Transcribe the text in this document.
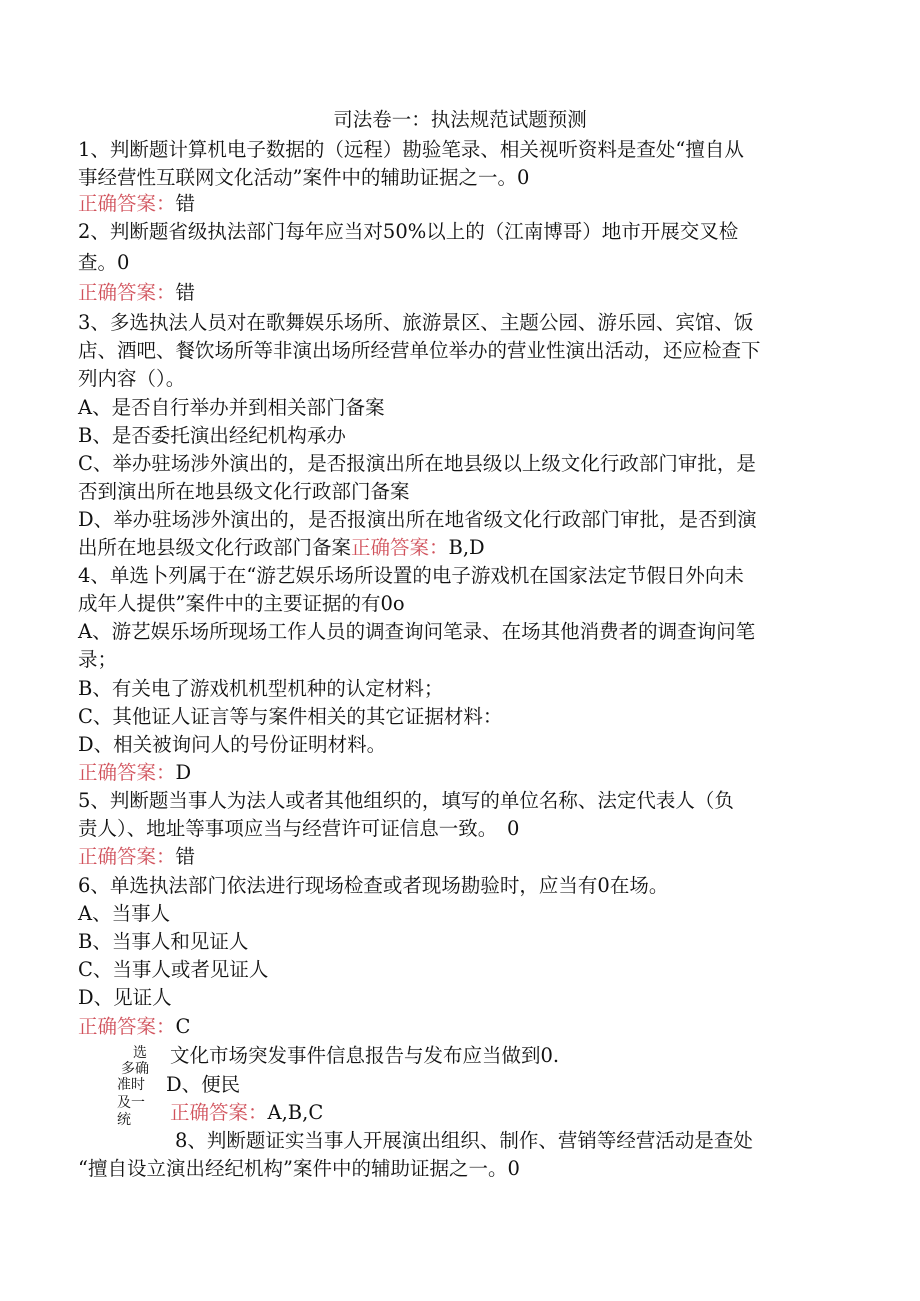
司法卷一：执法规范试题预测
1、判断题计算机电子数据的（远程）勘验笔录、相关视听资料是查处“擅自从
事经营性互联网文化活动”案件中的辅助证据之一。0
正确答案：错
2、判断题省级执法部门每年应当对50%以上的（江南博哥）地市开展交叉检
查。0
正确答案：错
3、多选执法人员对在歌舞娱乐场所、旅游景区、主题公园、游乐园、宾馆、饭
店、酒吧、餐饮场所等非演出场所经营单位举办的营业性演出活动，还应检查下
列内容（）。
A、是否自行举办并到相关部门备案
B、是否委托演出经纪机构承办
C、举办驻场涉外演出的，是否报演出所在地县级以上级文化行政部门审批，是
否到演出所在地县级文化行政部门备案
D、举办驻场涉外演出的，是否报演出所在地省级文化行政部门审批，是否到演
出所在地县级文化行政部门备案正确答案：B,D
4、单选卜列属于在“游艺娱乐场所设置的电子游戏机在国家法定节假日外向未
成年人提供”案件中的主要证据的有0o
A、游艺娱乐场所现场工作人员的调查询问笔录、在场其他消费者的调查询问笔
录；
B、有关电了游戏机机型机种的认定材料；
C、其他证人证言等与案件相关的其它证据材料：
D、相关被询问人的号份证明材料。
正确答案：D
5、判断题当事人为法人或者其他组织的，填写的单位名称、法定代表人（负
责人）、地址等事项应当与经营许可证信息一致。　0
正确答案：错
6、单选执法部门依法进行现场检查或者现场勘验时，应当有0在场。
A、当事人
B、当事人和见证人
C、当事人或者见证人
D、见证人
正确答案：C
选
多确
准时
及一
统
文化市场突发事件信息报告与发布应当做到0.
D、便民
正确答案：A,B,C
8、判断题证实当事人开展演出组织、制作、营销等经营活动是查处
“擅自设立演出经纪机构”案件中的辅助证据之一。0
